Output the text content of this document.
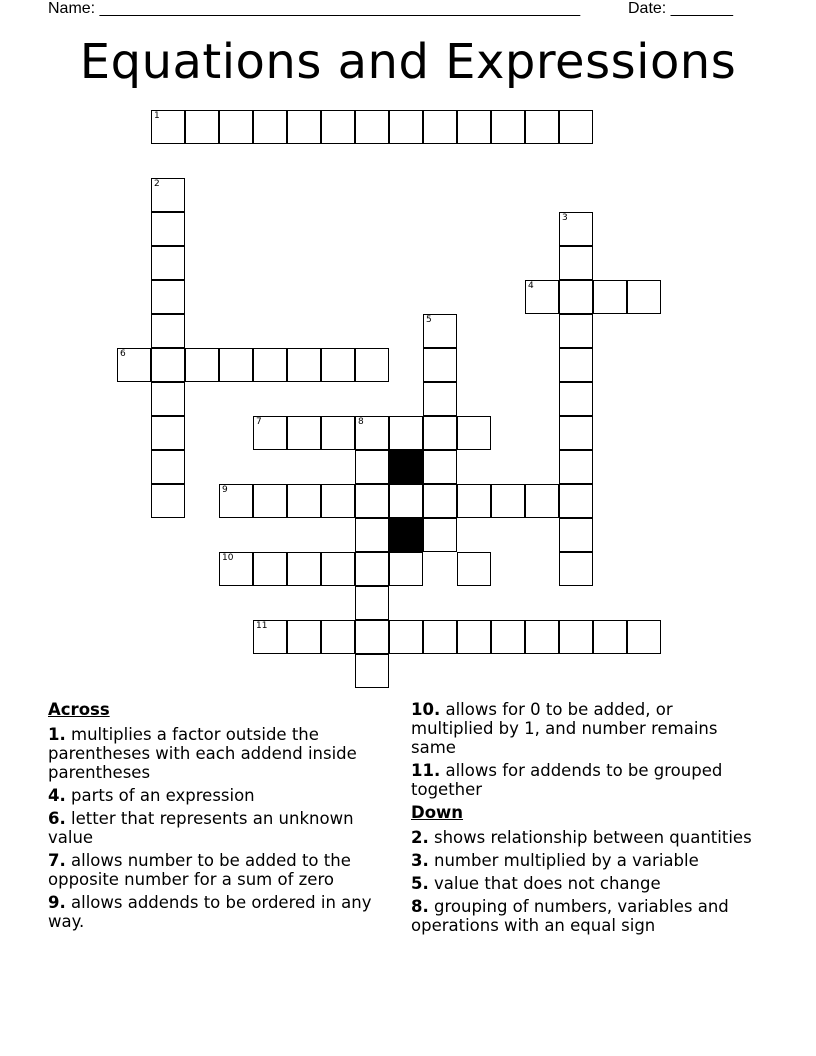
Name: ______________________________________________________	Date: _______
Equations and Expressions
1
2
3
4
5
6
7	8
9
10
11
Across
1. multiplies a factor outside the parentheses with each addend inside parentheses
4. parts of an expression
6. letter that represents an unknown value
7. allows number to be added to the opposite number for a sum of zero
9. allows addends to be ordered in any way.
10. allows for 0 to be added, or multiplied by 1, and number remains same
11. allows for addends to be grouped together
Down
2. shows relationship between quantities
3. number multiplied by a variable
5. value that does not change
8. grouping of numbers, variables and operations with an equal sign
